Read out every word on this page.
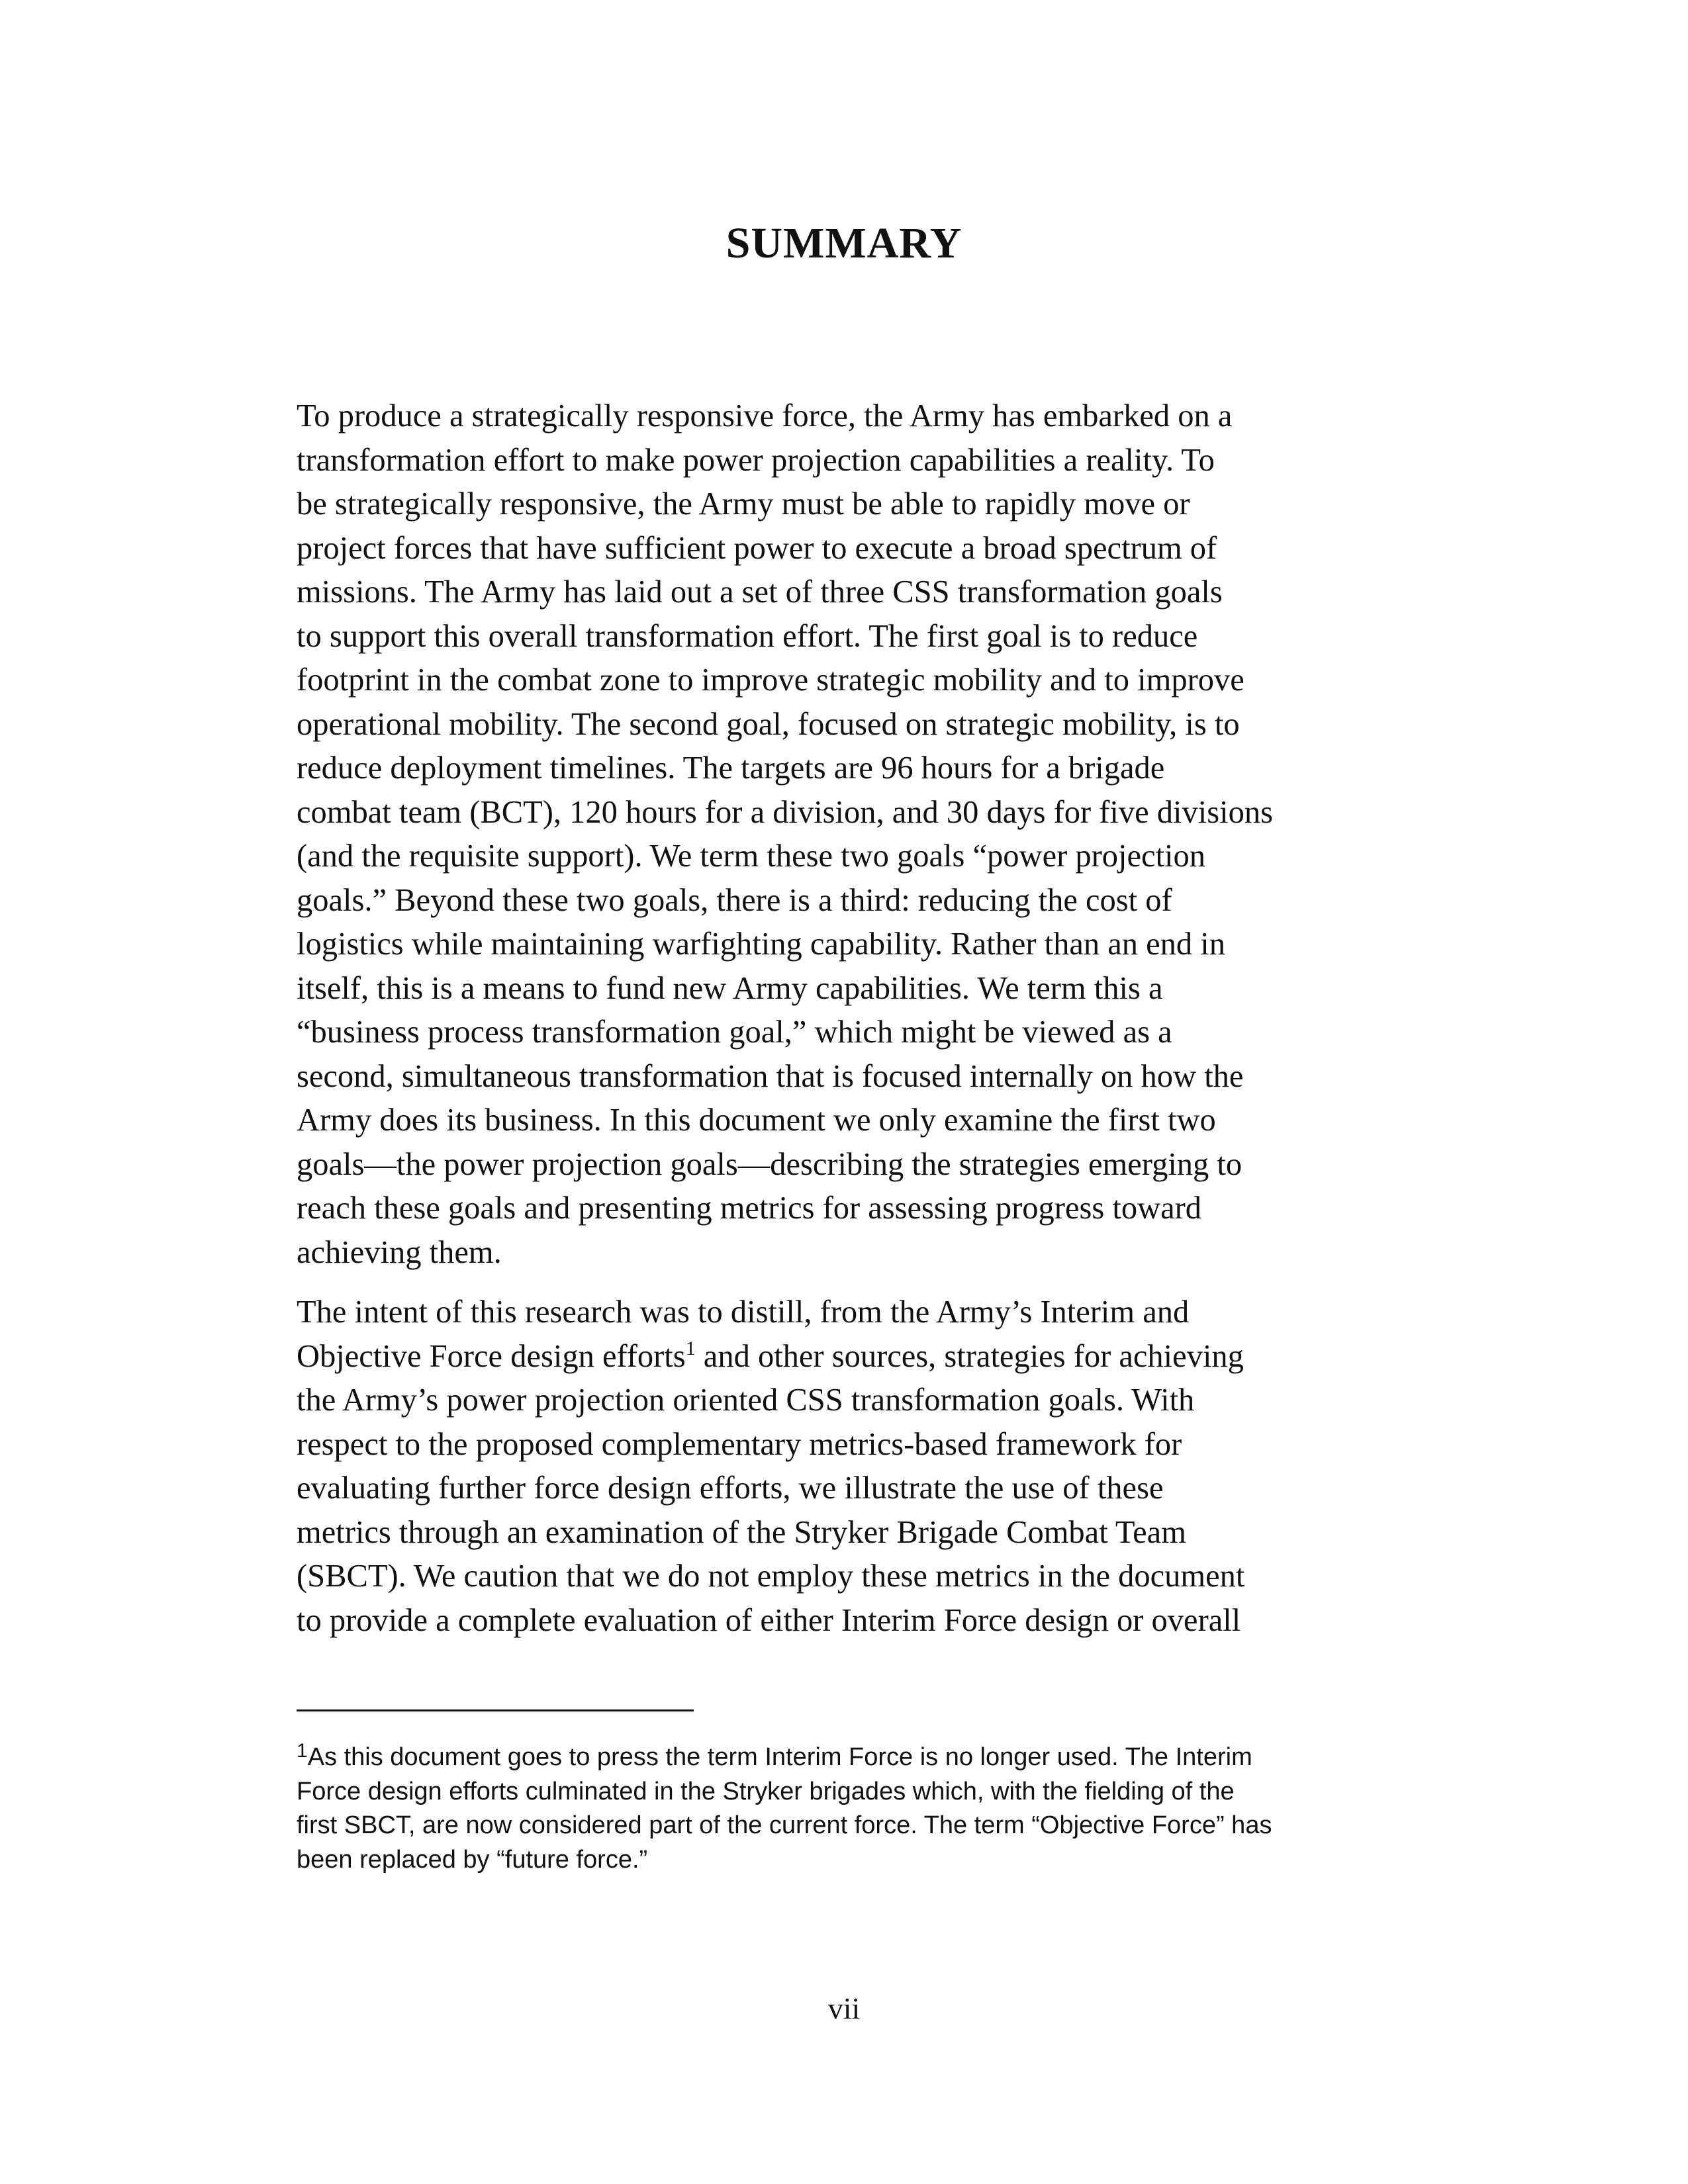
SUMMARY

To produce a strategically responsive force, the Army has embarked on a
transformation effort to make power projection capabilities a reality. To
be strategically responsive, the Army must be able to rapidly move or
project forces that have sufficient power to execute a broad spectrum of
missions. The Army has laid out a set of three CSS transformation goals
to support this overall transformation effort. The first goal is to reduce
footprint in the combat zone to improve strategic mobility and to improve
operational mobility. The second goal, focused on strategic mobility, is to
reduce deployment timelines. The targets are 96 hours for a brigade
combat team (BCT), 120 hours for a division, and 30 days for five divisions
(and the requisite support). We term these two goals “power projection
goals.” Beyond these two goals, there is a third: reducing the cost of
logistics while maintaining warfighting capability. Rather than an end in
itself, this is a means to fund new Army capabilities. We term this a
“business process transformation goal,” which might be viewed as a
second, simultaneous transformation that is focused internally on how the
Army does its business. In this document we only examine the first two
goals—the power projection goals—describing the strategies emerging to
reach these goals and presenting metrics for assessing progress toward
achieving them.

The intent of this research was to distill, from the Army’s Interim and
Objective Force design efforts$^1$ and other sources, strategies for achieving
the Army’s power projection oriented CSS transformation goals. With
respect to the proposed complementary metrics-based framework for
evaluating further force design efforts, we illustrate the use of these
metrics through an examination of the Stryker Brigade Combat Team
(SBCT). We caution that we do not employ these metrics in the document
to provide a complete evaluation of either Interim Force design or overall

$^1$As this document goes to press the term Interim Force is no longer used. The Interim
Force design efforts culminated in the Stryker brigades which, with the fielding of the
first SBCT, are now considered part of the current force. The term “Objective Force” has
been replaced by “future force.”
vii
